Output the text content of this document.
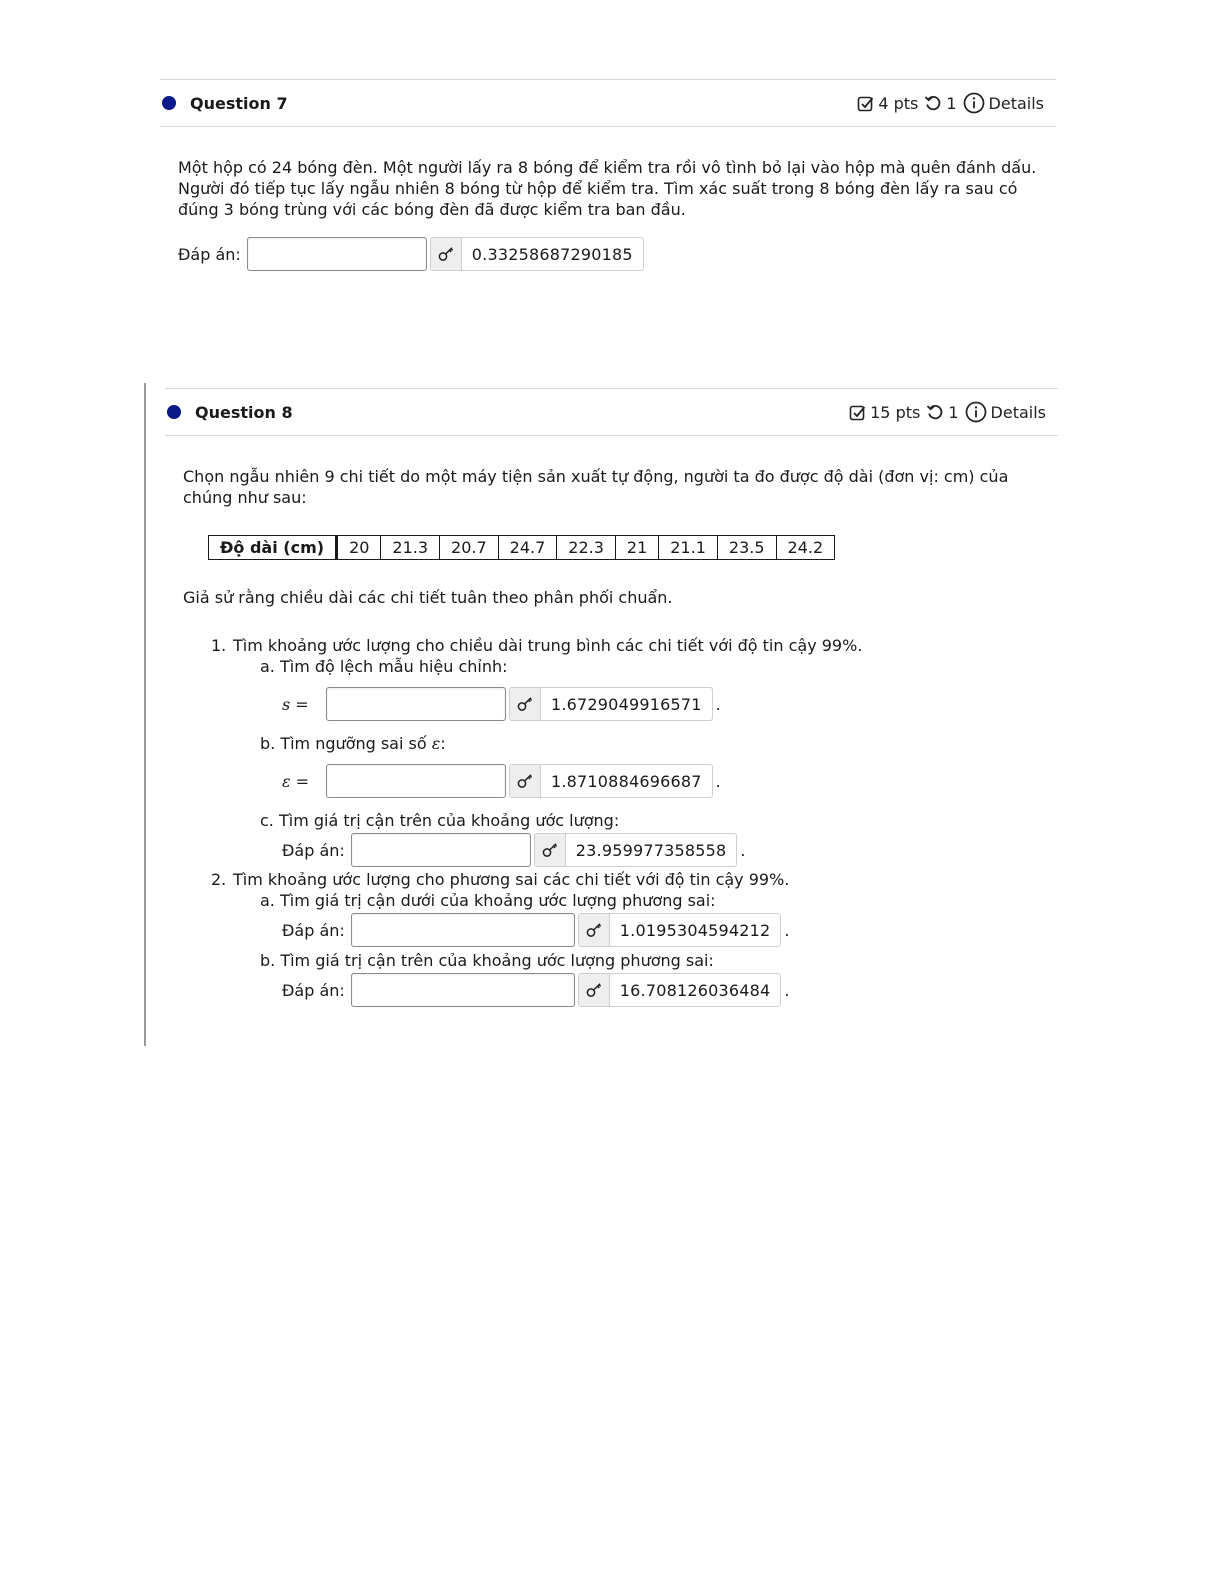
Question 7	4 pts 1 Details

Một hộp có 24 bóng đèn. Một người lấy ra 8 bóng để kiểm tra rồi vô tình bỏ lại vào hộp mà quên đánh dấu.

Người đó tiếp tục lấy ngẫu nhiên 8 bóng từ hộp để kiểm tra. Tìm xác suất trong 8 bóng đèn lấy ra sau có

đúng 3 bóng trùng với các bóng đèn đã được kiểm tra ban đầu.

Đáp án:	0.33258687290185
Question 8	15 pts 1 Details

Chọn ngẫu nhiên 9 chi tiết do một máy tiện sản xuất tự động, người ta đo được độ dài (đơn vị: cm) của

chúng như sau:

Độ dài (cm)	20	21.3	20.7	24.7	22.3	21	21.1	23.5	24.2

Giả sử rằng chiều dài các chi tiết tuân theo phân phối chuẩn.

1. Tìm khoảng ước lượng cho chiều dài trung bình các chi tiết với độ tin cậy 99%.
a. Tìm độ lệch mẫu hiệu chỉnh:
s =	1.6729049916571 .
b. Tìm ngưỡng sai số ε:
ε =	1.8710884696687 .
c. Tìm giá trị cận trên của khoảng ước lượng:
Đáp án:	23.959977358558 .
2. Tìm khoảng ước lượng cho phương sai các chi tiết với độ tin cậy 99%.
a. Tìm giá trị cận dưới của khoảng ước lượng phương sai:
Đáp án:	1.0195304594212 .
b. Tìm giá trị cận trên của khoảng ước lượng phương sai:
Đáp án:	16.708126036484 .
